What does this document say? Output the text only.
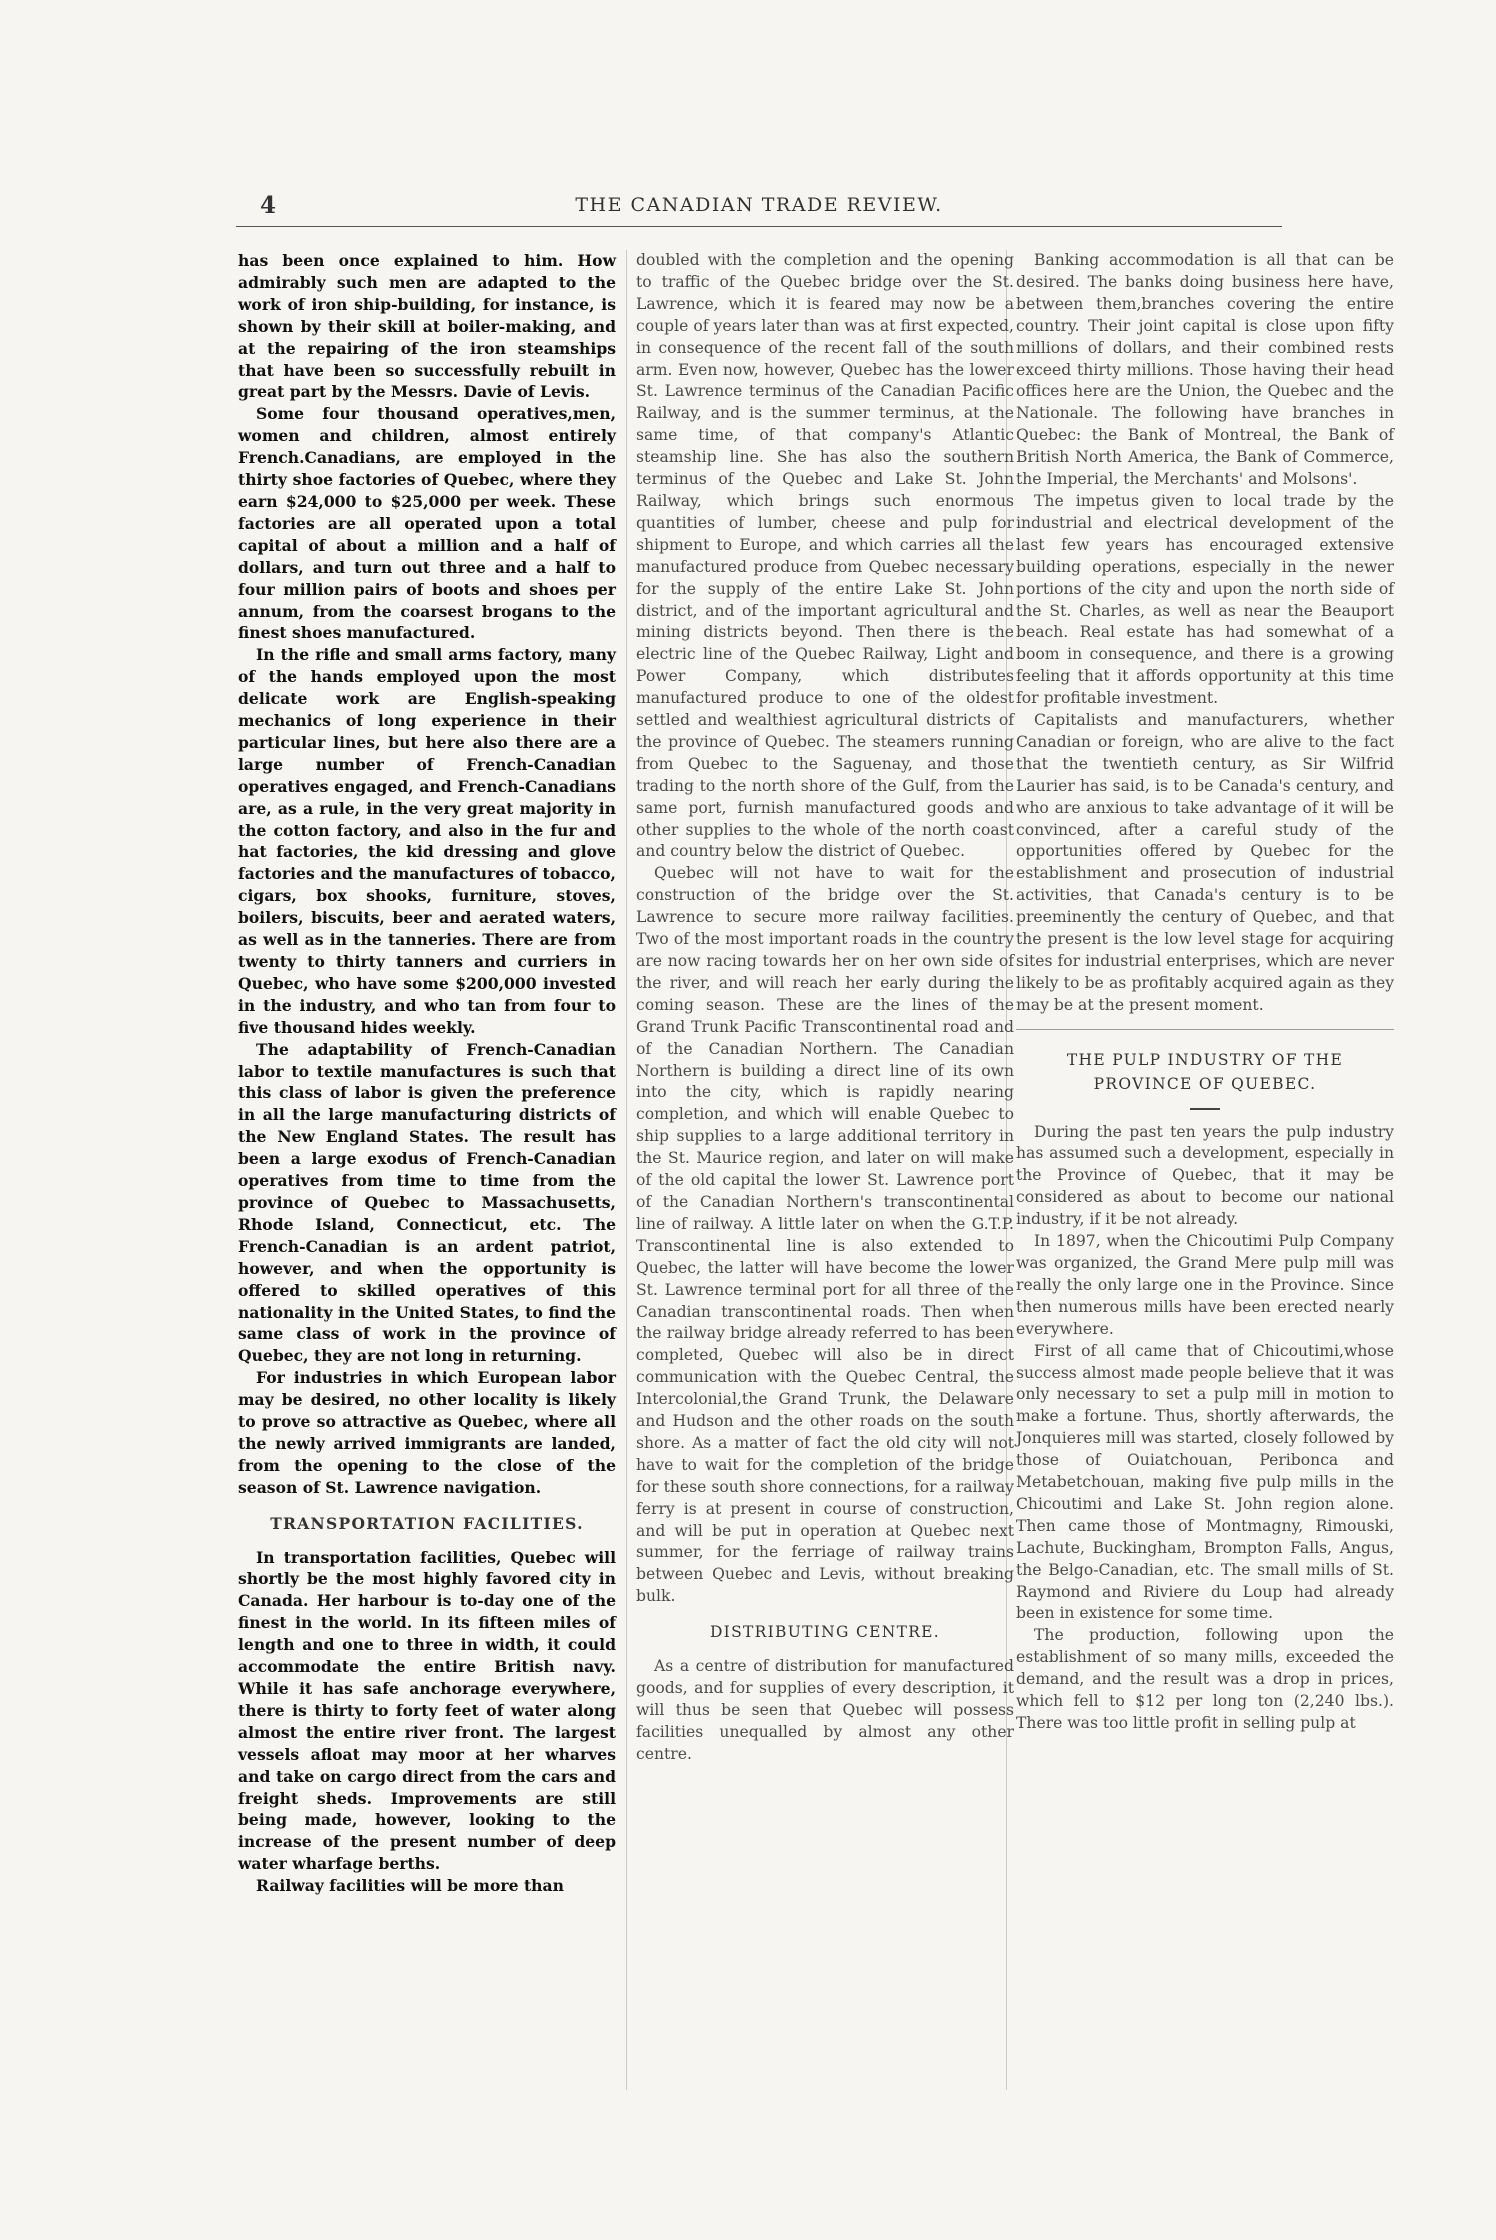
4	THE CANADIAN TRADE REVIEW.

has been once explained to him. How admirably such men are adapted to the work of iron ship-building, for instance, is shown by their skill at boiler-making, and at the repairing of the iron steamships that have been so successfully rebuilt in great part by the Messrs. Davie of Levis.

Some four thousand operatives,men, women and children, almost entirely French.Canadians, are employed in the thirty shoe factories of Quebec, where they earn $24,000 to $25,000 per week. These factories are all operated upon a total capital of about a million and a half of dollars, and turn out three and a half to four million pairs of boots and shoes per annum, from the coarsest brogans to the finest shoes manufactured.

In the rifle and small arms factory, many of the hands employed upon the most delicate work are English-speaking mechanics of long experience in their particular lines, but here also there are a large number of French-Canadian operatives engaged, and French-Canadians are, as a rule, in the very great majority in the cotton factory, and also in the fur and hat factories, the kid dressing and glove factories and the manufactures of tobacco, cigars, box shooks, furniture, stoves, boilers, biscuits, beer and aerated waters, as well as in the tanneries. There are from twenty to thirty tanners and curriers in Quebec, who have some $200,000 invested in the industry, and who tan from four to five thousand hides weekly.

The adaptability of French-Canadian labor to textile manufactures is such that this class of labor is given the preference in all the large manufacturing districts of the New England States. The result has been a large exodus of French-Canadian operatives from time to time from the province of Quebec to Massachusetts, Rhode Island, Connecticut, etc. The French-Canadian is an ardent patriot, however, and when the opportunity is offered to skilled operatives of this nationality in the United States, to find the same class of work in the province of Quebec, they are not long in returning.

For industries in which European labor may be desired, no other locality is likely to prove so attractive as Quebec, where all the newly arrived immigrants are landed, from the opening to the close of the season of St. Lawrence navigation.

TRANSPORTATION FACILITIES.

In transportation facilities, Quebec will shortly be the most highly favored city in Canada. Her harbour is to-day one of the finest in the world. In its fifteen miles of length and one to three in width, it could accommodate the entire British navy. While it has safe anchorage everywhere, there is thirty to forty feet of water along almost the entire river front. The largest vessels afloat may moor at her wharves and take on cargo direct from the cars and freight sheds. Improvements are still being made, however, looking to the increase of the present number of deep water wharfage berths.

Railway facilities will be more than

doubled with the completion and the opening to traffic of the Quebec bridge over the St. Lawrence, which it is feared may now be a couple of years later than was at first expected, in consequence of the recent fall of the south arm. Even now, however, Quebec has the lower St. Lawrence terminus of the Canadian Pacific Railway, and is the summer terminus, at the same time, of that company's Atlantic steamship line. She has also the southern terminus of the Quebec and Lake St. John Railway, which brings such enormous quantities of lumber, cheese and pulp for shipment to Europe, and which carries all the manufactured produce from Quebec necessary for the supply of the entire Lake St. John district, and of the important agricultural and mining districts beyond. Then there is the electric line of the Quebec Railway, Light and Power Company, which distributes manufactured produce to one of the oldest settled and wealthiest agricultural districts of the province of Quebec. The steamers running from Quebec to the Saguenay, and those trading to the north shore of the Gulf, from the same port, furnish manufactured goods and other supplies to the whole of the north coast and country below the district of Quebec.

Quebec will not have to wait for the construction of the bridge over the St. Lawrence to secure more railway facilities. Two of the most important roads in the country are now racing towards her on her own side of the river, and will reach her early during the coming season. These are the lines of the Grand Trunk Pacific Transcontinental road and of the Canadian Northern. The Canadian Northern is building a direct line of its own into the city, which is rapidly nearing completion, and which will enable Quebec to ship supplies to a large additional territory in the St. Maurice region, and later on will make of the old capital the lower St. Lawrence port of the Canadian Northern's transcontinental line of railway. A little later on when the G.T.P. Transcontinental line is also extended to Quebec, the latter will have become the lower St. Lawrence terminal port for all three of the Canadian transcontinental roads. Then when the railway bridge already referred to has been completed, Quebec will also be in direct communication with the Quebec Central, the Intercolonial,the Grand Trunk, the Delaware and Hudson and the other roads on the south shore. As a matter of fact the old city will not have to wait for the completion of the bridge for these south shore connections, for a railway ferry is at present in course of construction, and will be put in operation at Quebec next summer, for the ferriage of railway trains between Quebec and Levis, without breaking bulk.

DISTRIBUTING CENTRE.

As a centre of distribution for manufactured goods, and for supplies of every description, it will thus be seen that Quebec will possess facilities unequalled by almost any other centre.

Banking accommodation is all that can be desired. The banks doing business here have, between them,branches covering the entire country. Their joint capital is close upon fifty millions of dollars, and their combined rests exceed thirty millions. Those having their head offices here are the Union, the Quebec and the Nationale. The following have branches in Quebec: the Bank of Montreal, the Bank of British North America, the Bank of Commerce, the Imperial, the Merchants' and Molsons'.

The impetus given to local trade by the industrial and electrical development of the last few years has encouraged extensive building operations, especially in the newer portions of the city and upon the north side of the St. Charles, as well as near the Beauport beach. Real estate has had somewhat of a boom in consequence, and there is a growing feeling that it affords opportunity at this time for profitable investment.

Capitalists and manufacturers, whether Canadian or foreign, who are alive to the fact that the twentieth century, as Sir Wilfrid Laurier has said, is to be Canada's century, and who are anxious to take advantage of it will be convinced, after a careful study of the opportunities offered by Quebec for the establishment and prosecution of industrial activities, that Canada's century is to be preeminently the century of Quebec, and that the present is the low level stage for acquiring sites for industrial enterprises, which are never likely to be as profitably acquired again as they may be at the present moment.

THE PULP INDUSTRY OF THE
PROVINCE OF QUEBEC.

During the past ten years the pulp industry has assumed such a development, especially in the Province of Quebec, that it may be considered as about to become our national industry, if it be not already.

In 1897, when the Chicoutimi Pulp Company was organized, the Grand Mere pulp mill was really the only large one in the Province. Since then numerous mills have been erected nearly everywhere.

First of all came that of Chicoutimi,whose success almost made people believe that it was only necessary to set a pulp mill in motion to make a fortune. Thus, shortly afterwards, the Jonquieres mill was started, closely followed by those of Ouiatchouan, Peribonca and Metabetchouan, making five pulp mills in the Chicoutimi and Lake St. John region alone. Then came those of Montmagny, Rimouski, Lachute, Buckingham, Brompton Falls, Angus, the Belgo-Canadian, etc. The small mills of St. Raymond and Riviere du Loup had already been in existence for some time.

The production, following upon the establishment of so many mills, exceeded the demand, and the result was a drop in prices, which fell to $12 per long ton (2,240 lbs.). There was too little profit in selling pulp at
